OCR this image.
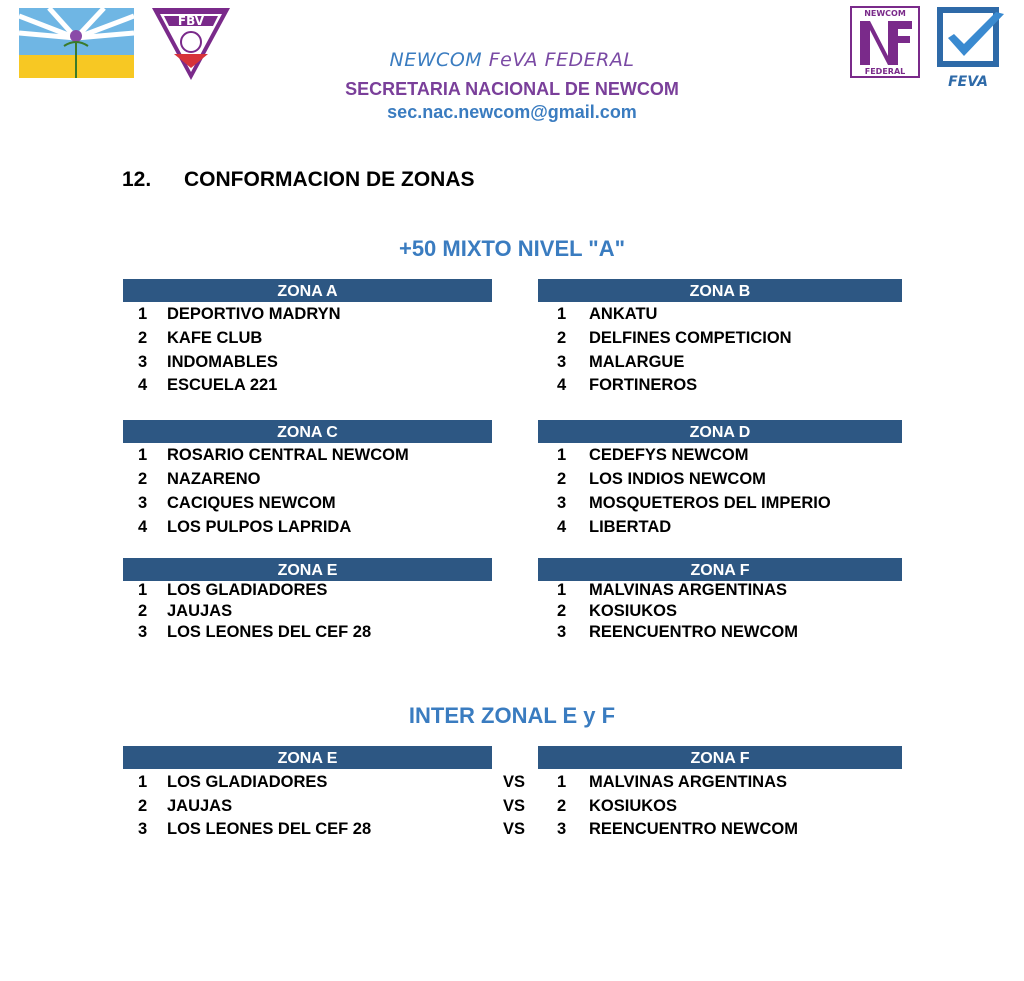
FBV
NEWCOM
FEDERAL
FEVA
NEWCOM FeVA FEDERAL
SECRETARIA NACIONAL DE NEWCOM
sec.nac.newcom@gmail.com
12. CONFORMACION DE ZONAS
+50 MIXTO NIVEL "A"
ZONA A
1 DEPORTIVO MADRYN
2 KAFE CLUB
3 INDOMABLES
4 ESCUELA 221
ZONA B
1 ANKATU
2 DELFINES COMPETICION
3 MALARGUE
4 FORTINEROS
ZONA C
1 ROSARIO CENTRAL NEWCOM
2 NAZARENO
3 CACIQUES NEWCOM
4 LOS PULPOS LAPRIDA
ZONA D
1 CEDEFYS NEWCOM
2 LOS INDIOS NEWCOM
3 MOSQUETEROS DEL IMPERIO
4 LIBERTAD
ZONA E
1 LOS GLADIADORES
2 JAUJAS
3 LOS LEONES DEL CEF 28
ZONA F
1 MALVINAS ARGENTINAS
2 KOSIUKOS
3 REENCUENTRO NEWCOM
INTER ZONAL E y F
ZONA E	ZONA F
1 LOS GLADIADORES	VS 1 MALVINAS ARGENTINAS
2 JAUJAS	VS 2 KOSIUKOS
3 LOS LEONES DEL CEF 28	VS 3 REENCUENTRO NEWCOM
